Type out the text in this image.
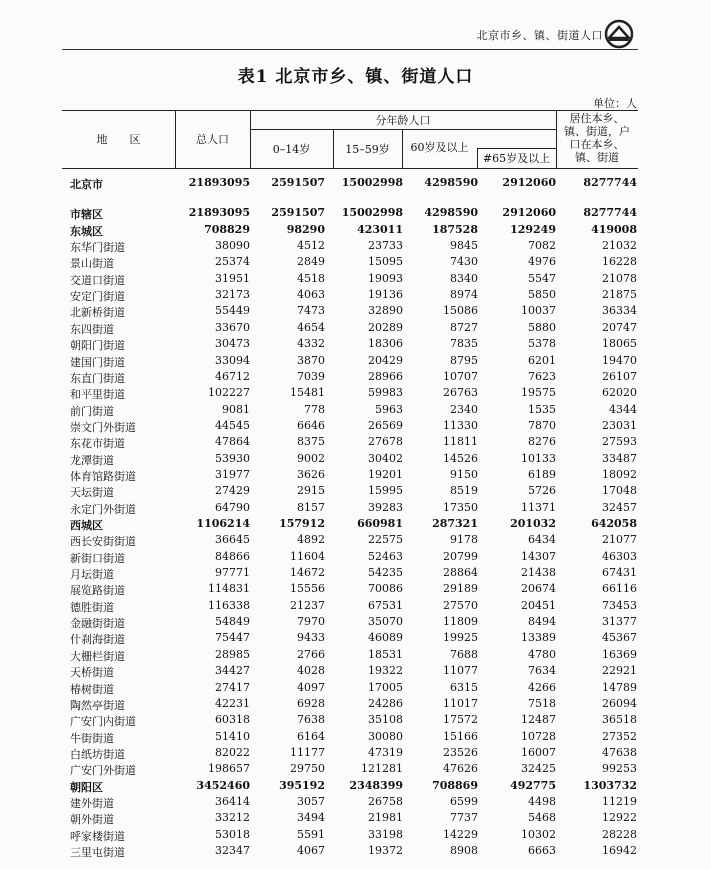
北京市乡、镇、街道人口
表1 北京市乡、镇、街道人口
单位：人
地　　区	总人口
分年龄人口
0–14岁	15–59岁	60岁及以上
#65岁及以上
居住本乡、镇、街道，户口在本乡、镇、街道
北京市	21893095 2591507 15002998 4298590 2912060 8277744
市辖区	21893095 2591507 15002998 4298590 2912060 8277744
东城区	708829	98290	423011	187528	129249	419008
东华门街道	38090	4512	23733	9845	7082	21032
景山街道	25374	2849	15095	7430	4976	16228
交道口街道	31951	4518	19093	8340	5547	21078
安定门街道	32173	4063	19136	8974	5850	21875
北新桥街道	55449	7473	32890	15086	10037	36334
东四街道	33670	4654	20289	8727	5880	20747
朝阳门街道	30473	4332	18306	7835	5378	18065
建国门街道	33094	3870	20429	8795	6201	19470
东直门街道	46712	7039	28966	10707	7623	26107
和平里街道	102227	15481	59983	26763	19575	62020
前门街道	9081	778	5963	2340	1535	4344
崇文门外街道	44545	6646	26569	11330	7870	23031
东花市街道	47864	8375	27678	11811	8276	27593
龙潭街道	53930	9002	30402	14526	10133	33487
体育馆路街道	31977	3626	19201	9150	6189	18092
天坛街道	27429	2915	15995	8519	5726	17048
永定门外街道	64790	8157	39283	17350	11371	32457
西城区	1106214	157912	660981	287321	201032	642058
西长安街街道	36645	4892	22575	9178	6434	21077
新街口街道	84866	11604	52463	20799	14307	46303
月坛街道	97771	14672	54235	28864	21438	67431
展览路街道	114831	15556	70086	29189	20674	66116
德胜街道	116338	21237	67531	27570	20451	73453
金融街街道	54849	7970	35070	11809	8494	31377
什刹海街道	75447	9433	46089	19925	13389	45367
大栅栏街道	28985	2766	18531	7688	4780	16369
天桥街道	34427	4028	19322	11077	7634	22921
椿树街道	27417	4097	17005	6315	4266	14789
陶然亭街道	42231	6928	24286	11017	7518	26094
广安门内街道	60318	7638	35108	17572	12487	36518
牛街街道	51410	6164	30080	15166	10728	27352
白纸坊街道	82022	11177	47319	23526	16007	47638
广安门外街道	198657	29750	121281	47626	32425	99253
朝阳区	3452460	395192 2348399	708869	492775 1303732
建外街道	36414	3057	26758	6599	4498	11219
朝外街道	33212	3494	21981	7737	5468	12922
呼家楼街道	53018	5591	33198	14229	10302	28228
三里屯街道	32347	4067	19372	8908	6663	16942
